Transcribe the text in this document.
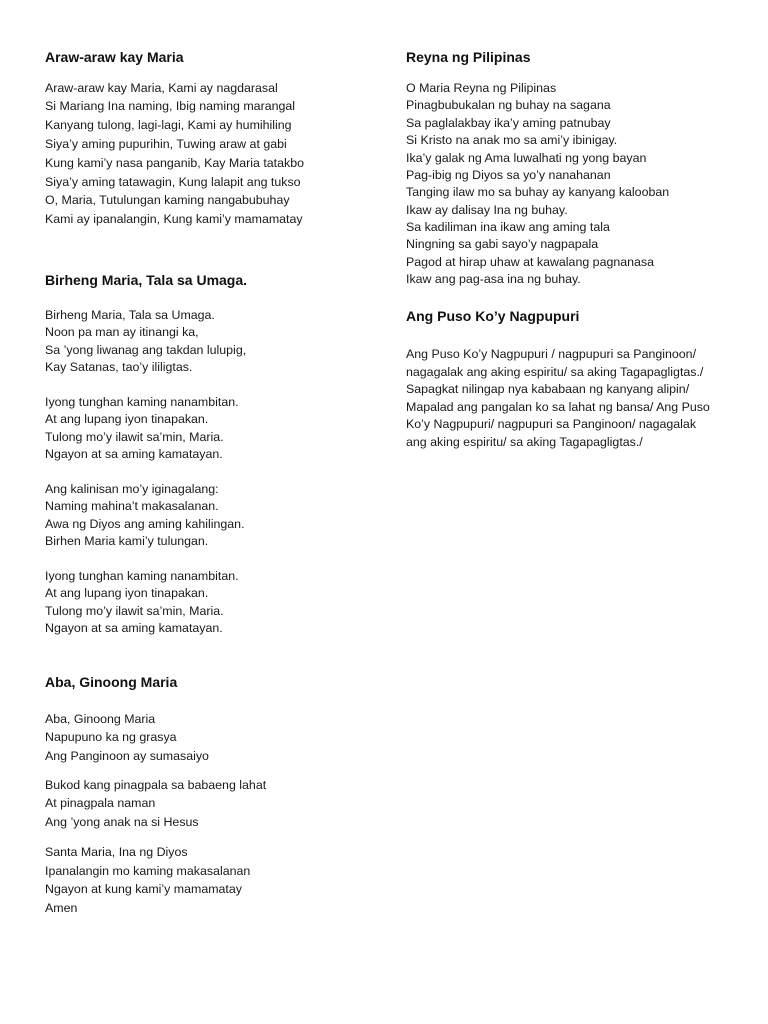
Araw-araw kay Maria

Araw-araw kay Maria, Kami ay nagdarasal

Si Mariang Ina naming, Ibig naming marangal

Kanyang tulong, lagi-lagi, Kami ay humihiling

Siya’y aming pupurihin, Tuwing araw at gabi

Kung kami’y nasa panganib, Kay Maria tatakbo

Siya’y aming tatawagin, Kung lalapit ang tukso

O, Maria, Tutulungan kaming nangabubuhay

Kami ay ipanalangin, Kung kami’y mamamatay

Birheng Maria, Tala sa Umaga.

Birheng Maria, Tala sa Umaga.

Noon pa man ay itinangi ka,

Sa ’yong liwanag ang takdan lulupig,

Kay Satanas, tao’y ililigtas.

Iyong tunghan kaming nanambitan.

At ang lupang iyon tinapakan.

Tulong mo’y ilawit sa’min, Maria.

Ngayon at sa aming kamatayan.

Ang kalinisan mo’y iginagalang:

Naming mahina’t makasalanan.

Awa ng Diyos ang aming kahilingan.

Birhen Maria kami’y tulungan.

Iyong tunghan kaming nanambitan.

At ang lupang iyon tinapakan.

Tulong mo’y ilawit sa’min, Maria.

Ngayon at sa aming kamatayan.

Aba, Ginoong Maria

Aba, Ginoong Maria

Napupuno ka ng grasya

Ang Panginoon ay sumasaiyo

Bukod kang pinagpala sa babaeng lahat

At pinagpala naman

Ang ’yong anak na si Hesus

Santa Maria, Ina ng Diyos

Ipanalangin mo kaming makasalanan

Ngayon at kung kami’y mamamatay

Amen

Reyna ng Pilipinas

O Maria Reyna ng Pilipinas

Pinagbubukalan ng buhay na sagana

Sa paglalakbay ika’y aming patnubay

Si Kristo na anak mo sa ami’y ibinigay.

Ika’y galak ng Ama luwalhati ng yong bayan

Pag-ibig ng Diyos sa yo’y nanahanan

Tanging ilaw mo sa buhay ay kanyang kalooban

Ikaw ay dalisay Ina ng buhay.

Sa kadiliman ina ikaw ang aming tala

Ningning sa gabi sayo’y nagpapala

Pagod at hirap uhaw at kawalang pagnanasa

Ikaw ang pag-asa ina ng buhay.

Ang Puso Ko’y Nagpupuri

Ang Puso Ko’y Nagpupuri / nagpupuri sa Panginoon/ nagagalak ang aking espiritu/ sa aking Tagapagligtas./ Sapagkat nilingap nya kababaan ng kanyang alipin/ Mapalad ang pangalan ko sa lahat ng bansa/ Ang Puso Ko’y Nagpupuri/ nagpupuri sa Panginoon/ nagagalak ang aking espiritu/ sa aking Tagapagligtas./
